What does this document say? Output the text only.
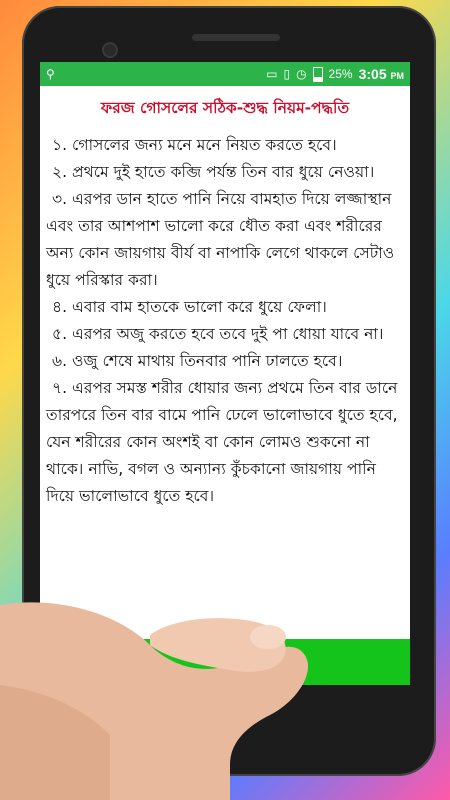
⚲	▭ ▯ ◷ 25% 3:05 PM
ফরজ গোসলের সঠিক-শুদ্ধ নিয়ম-পদ্ধতি

১. গোসলের জন্য মনে মনে নিয়ত করতে হবে।

২. প্রথমে দুই হাতে কব্জি পর্যন্ত তিন বার ধুয়ে নেওয়া।

৩. এরপর ডান হাতে পানি নিয়ে বামহাত দিয়ে লজ্জাস্থান এবং তার আশপাশ ভালো করে ধৌত করা এবং শরীরের অন্য কোন জায়গায় বীর্য বা নাপাকি লেগে থাকলে সেটাও ধুয়ে পরিস্কার করা।

৪. এবার বাম হাতকে ভালো করে ধুয়ে ফেলা।

৫. এরপর অজু করতে হবে তবে দুই পা ধোয়া যাবে না।

৬. ওজু শেষে মাথায় তিনবার পানি ঢালতে হবে।

৭. এরপর সমস্ত শরীর ধোয়ার জন্য প্রথমে তিন বার ডানে তারপরে তিন বার বামে পানি ঢেলে ভালোভাবে ধুতে হবে, যেন শরীরের কোন অংশই বা কোন লোমও শুকনো না থাকে। নাভি, বগল ও অন্যান্য কুঁচকানো জায়গায় পানি দিয়ে ভালোভাবে ধুতে হবে।
